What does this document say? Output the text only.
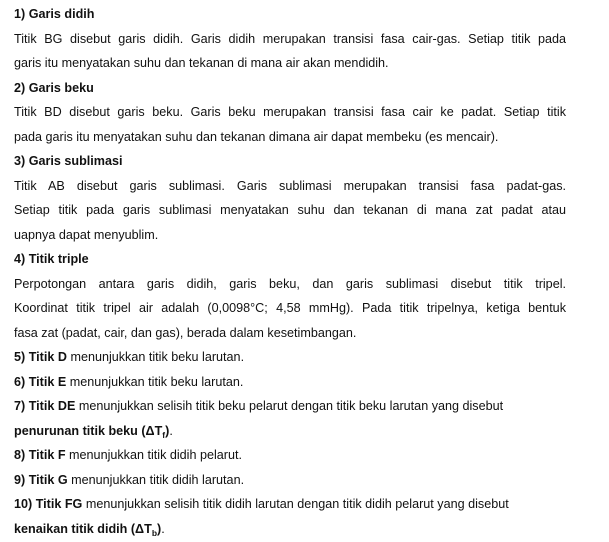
1) Garis didih
Titik BG disebut garis didih. Garis didih merupakan transisi fasa cair-gas. Setiap titik pada
garis itu menyatakan suhu dan tekanan di mana air akan mendidih.
2) Garis beku
Titik BD disebut garis beku. Garis beku merupakan transisi fasa cair ke padat. Setiap titik
pada garis itu menyatakan suhu dan tekanan dimana air dapat membeku (es mencair).
3) Garis sublimasi
Titik AB disebut garis sublimasi. Garis sublimasi merupakan transisi fasa padat-gas.
Setiap titik pada garis sublimasi menyatakan suhu dan tekanan di mana zat padat atau
uapnya dapat menyublim.
4) Titik triple
Perpotongan antara garis didih, garis beku, dan garis sublimasi disebut titik tripel.
Koordinat titik tripel air adalah (0,0098°C; 4,58 mmHg). Pada titik tripelnya, ketiga bentuk
fasa zat (padat, cair, dan gas), berada dalam kesetimbangan.
5) Titik D menunjukkan titik beku larutan.
6) Titik E menunjukkan titik beku larutan.
7) Titik DE menunjukkan selisih titik beku pelarut dengan titik beku larutan yang disebut
penurunan titik beku $(\Delta T_f)$.
8) Titik F menunjukkan titik didih pelarut.
9) Titik G menunjukkan titik didih larutan.
10) Titik FG menunjukkan selisih titik didih larutan dengan titik didih pelarut yang disebut
kenaikan titik didih $(\Delta T_b)$.
